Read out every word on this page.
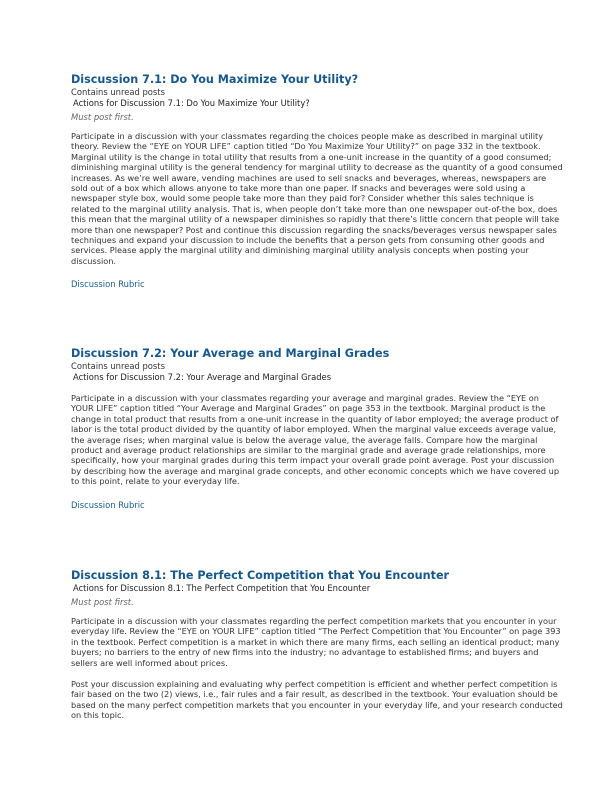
Discussion 7.1: Do You Maximize Your Utility?
Contains unread posts
Actions for Discussion 7.1: Do You Maximize Your Utility?
Must post first.

Participate in a discussion with your classmates regarding the choices people make as described in marginal utility theory. Review the “EYE on YOUR LIFE” caption titled “Do You Maximize Your Utility?” on page 332 in the textbook. Marginal utility is the change in total utility that results from a one-unit increase in the quantity of a good consumed; diminishing marginal utility is the general tendency for marginal utility to decrease as the quantity of a good consumed increases. As we’re well aware, vending machines are used to sell snacks and beverages, whereas, newspapers are sold out of a box which allows anyone to take more than one paper. If snacks and beverages were sold using a newspaper style box, would some people take more than they paid for? Consider whether this sales technique is related to the marginal utility analysis. That is, when people don’t take more than one newspaper out-of-the box, does this mean that the marginal utility of a newspaper diminishes so rapidly that there’s little concern that people will take more than one newspaper? Post and continue this discussion regarding the snacks/beverages versus newspaper sales techniques and expand your discussion to include the benefits that a person gets from consuming other goods and services. Please apply the marginal utility and diminishing marginal utility analysis concepts when posting your discussion.

Discussion Rubric
Discussion 7.2: Your Average and Marginal Grades
Contains unread posts
Actions for Discussion 7.2: Your Average and Marginal Grades

Participate in a discussion with your classmates regarding your average and marginal grades. Review the “EYE on YOUR LIFE” caption titled “Your Average and Marginal Grades” on page 353 in the textbook. Marginal product is the change in total product that results from a one-unit increase in the quantity of labor employed; the average product of labor is the total product divided by the quantity of labor employed. When the marginal value exceeds average value, the average rises; when marginal value is below the average value, the average falls. Compare how the marginal product and average product relationships are similar to the marginal grade and average grade relationships, more specifically, how your marginal grades during this term impact your overall grade point average. Post your discussion by describing how the average and marginal grade concepts, and other economic concepts which we have covered up to this point, relate to your everyday life.

Discussion Rubric
Discussion 8.1: The Perfect Competition that You Encounter
Actions for Discussion 8.1: The Perfect Competition that You Encounter
Must post first.

Participate in a discussion with your classmates regarding the perfect competition markets that you encounter in your everyday life. Review the “EYE on YOUR LIFE” caption titled “The Perfect Competition that You Encounter” on page 393 in the textbook. Perfect competition is a market in which there are many firms, each selling an identical product; many buyers; no barriers to the entry of new firms into the industry; no advantage to established firms; and buyers and sellers are well informed about prices.

Post your discussion explaining and evaluating why perfect competition is efficient and whether perfect competition is fair based on the two (2) views, i.e., fair rules and a fair result, as described in the textbook. Your evaluation should be based on the many perfect competition markets that you encounter in your everyday life, and your research conducted on this topic.
